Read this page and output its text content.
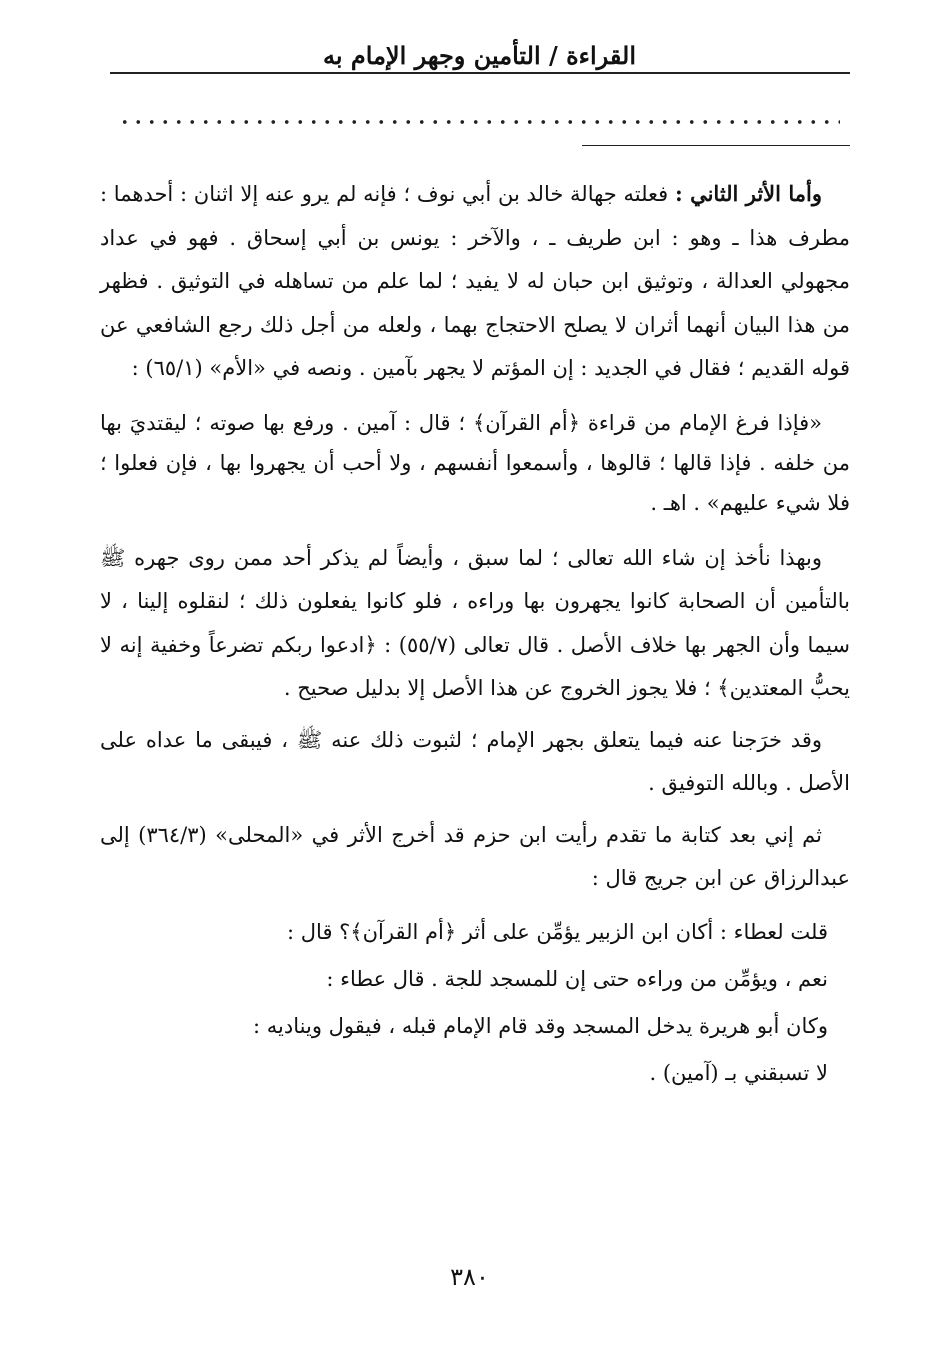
القراءة / التأمين وجهر الإمام به

وأما الأثر الثاني : فعلته جهالة خالد بن أبي نوف ؛ فإنه لم يرو عنه إلا اثنان : أحدهما : مطرف هذا ـ وهو : ابن طريف ـ ، والآخر : يونس بن أبي إسحاق . فهو في عداد مجهولي العدالة ، وتوثيق ابن حبان له لا يفيد ؛ لما علم من تساهله في التوثيق . فظهر من هذا البيان أنهما أثران لا يصلح الاحتجاج بهما ، ولعله من أجل ذلك رجع الشافعي عن قوله القديم ؛ فقال في الجديد : إن المؤتم لا يجهر بآمين . ونصه في «الأم» (٦٥/١) :

«فإذا فرغ الإمام من قراءة ﴿أم القرآن﴾ ؛ قال : آمين . ورفع بها صوته ؛ ليقتديَ بها من خلفه . فإذا قالها ؛ قالوها ، وأسمعوا أنفسهم ، ولا أحب أن يجهروا بها ، فإن فعلوا ؛ فلا شيء عليهم» . اهـ .

وبهذا نأخذ إن شاء الله تعالى ؛ لما سبق ، وأيضاً لم يذكر أحد ممن روى جهره ﷺ بالتأمين أن الصحابة كانوا يجهرون بها وراءه ، فلو كانوا يفعلون ذلك ؛ لنقلوه إلينا ، لا سيما وأن الجهر بها خلاف الأصل . قال تعالى (٥٥/٧) : ﴿ادعوا ربكم تضرعاً وخفية إنه لا يحبُّ المعتدين﴾ ؛ فلا يجوز الخروج عن هذا الأصل إلا بدليل صحيح .

وقد خرَجنا عنه فيما يتعلق بجهر الإمام ؛ لثبوت ذلك عنه ﷺ ، فيبقى ما عداه على الأصل . وبالله التوفيق .

ثم إني بعد كتابة ما تقدم رأيت ابن حزم قد أخرج الأثر في «المحلى» (٣٦٤/٣) إلى عبدالرزاق عن ابن جريج قال :

قلت لعطاء : أكان ابن الزبير يؤمِّن على أثر ﴿أم القرآن﴾؟ قال :

نعم ، ويؤمِّن من وراءه حتى إن للمسجد للجة . قال عطاء :

وكان أبو هريرة يدخل المسجد وقد قام الإمام قبله ، فيقول ويناديه :

لا تسبقني بـ (آمين) .

٣٨٠
